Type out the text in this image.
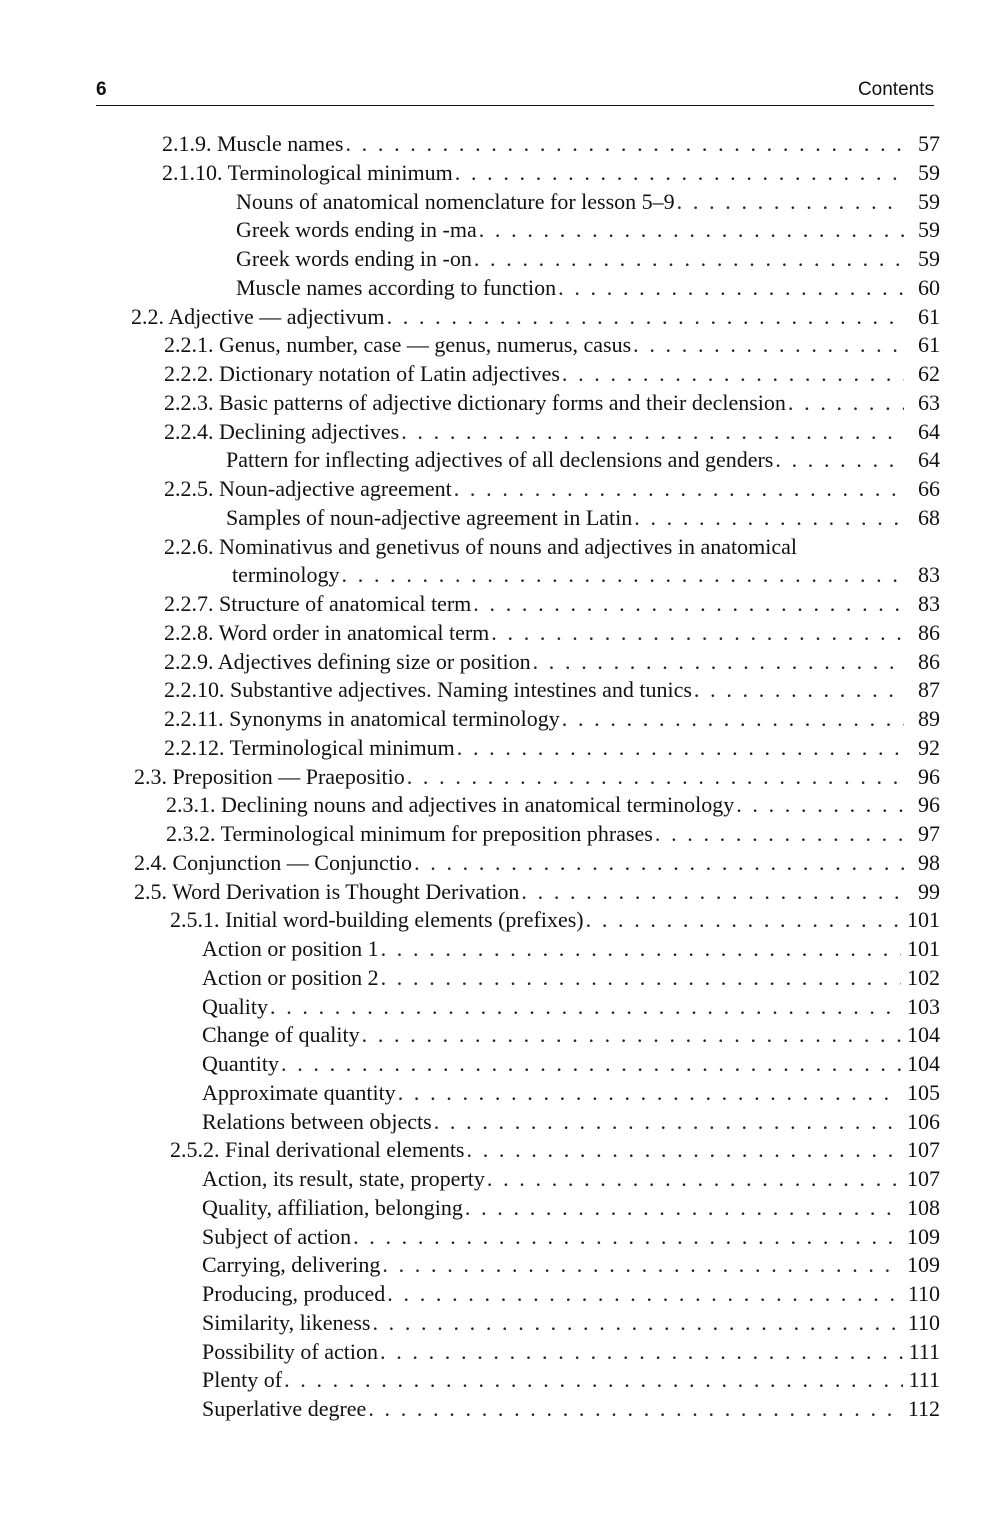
6	Contents
2.1.9. Muscle names . . .	57
2.1.10. Terminological minimum . . .	59
Nouns of anatomical nomenclature for lesson 5–9 . . .	59
Greek words ending in -ma . . .	59
Greek words ending in -on . . .	59
Muscle names according to function . . .	60
2.2. Adjective — adjectivum . . .	61
2.2.1. Genus, number, case — genus, numerus, casus . . .	61
2.2.2. Dictionary notation of Latin adjectives . . .	62
2.2.3. Basic patterns of adjective dictionary forms and their declension . . .	63
2.2.4. Declining adjectives . . .	64
Pattern for inflecting adjectives of all declensions and genders . . .	64
2.2.5. Noun-adjective agreement . . .	66
Samples of noun-adjective agreement in Latin . . .	68
2.2.6. Nominativus and genetivus of nouns and adjectives in anatomical
terminology . . .	83
2.2.7. Structure of anatomical term . . .	83
2.2.8. Word order in anatomical term . . .	86
2.2.9. Adjectives defining size or position . . .	86
2.2.10. Substantive adjectives. Naming intestines and tunics . . .	87
2.2.11. Synonyms in anatomical terminology . . .	89
2.2.12. Terminological minimum . . .	92
2.3. Preposition — Praepositio . . .	96
2.3.1. Declining nouns and adjectives in anatomical terminology . . .	96
2.3.2. Terminological minimum for preposition phrases . . .	97
2.4. Conjunction — Conjunctio . . .	98
2.5. Word Derivation is Thought Derivation . . .	99
2.5.1. Initial word-building elements (prefixes) . . .	101
Action or position 1 . . .	101
Action or position 2 . . .	102
Quality . . .	103
Change of quality . . .	104
Quantity . . .	104
Approximate quantity . . .	105
Relations between objects . . .	106
2.5.2. Final derivational elements . . .	107
Action, its result, state, property . . .	107
Quality, affiliation, belonging . . .	108
Subject of action . . .	109
Carrying, delivering . . .	109
Producing, produced . . .	110
Similarity, likeness . . .	110
Possibility of action . . .	111
Plenty of . . .	111
Superlative degree . . .	112
